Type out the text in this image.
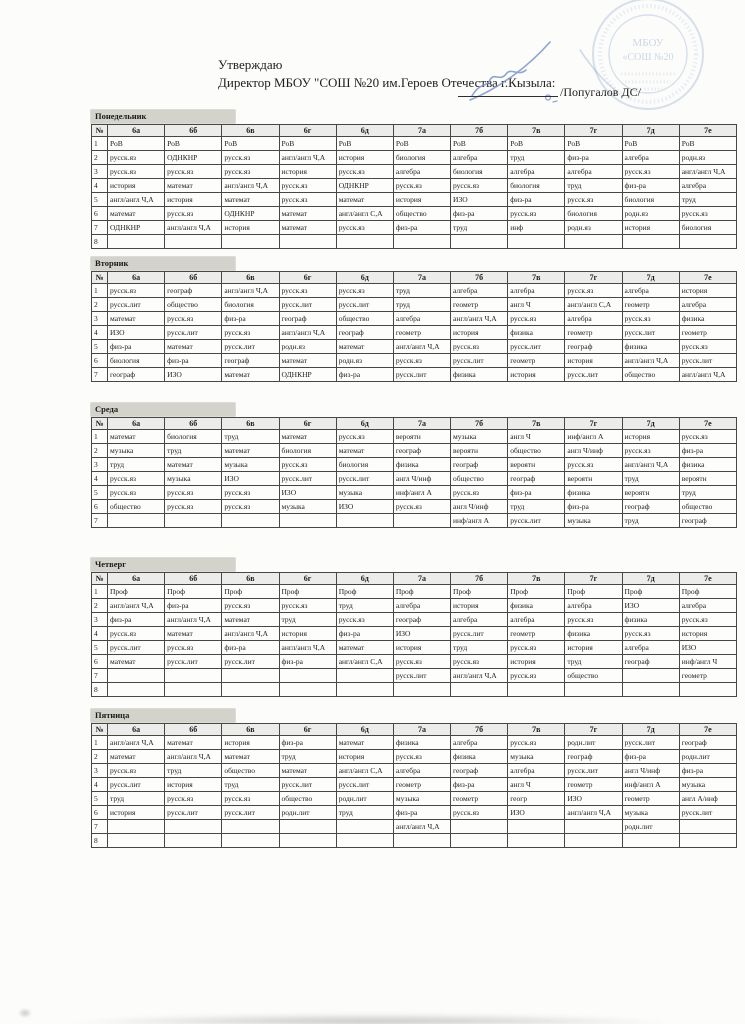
МБОУ
«СОШ №20
Утверждаю
Директор МБОУ "СОШ №20 им.Героев Отечества г.Кызыла:
/Попугалов ДС/
Понедельник
№	6а	6б	6в	6г	6д	7а	7б	7в	7г	7д	7е
1	РоВ	РоВ	РоВ	РоВ	РоВ	РоВ	РоВ	РоВ	РоВ	РоВ	РоВ
2	русск.яз	ОДНКНР	русск.яз	англ/англ Ч,А	история	биология	алгебра	труд	физ-ра	алгебра	родн.яз
3	русск.яз	русск.яз	русск.яз	история	русск.яз	алгебра	биология	алгебра	алгебра	русск.яз	англ/англ Ч,А
4	история	математ	англ/англ Ч,А	русск.яз	ОДНКНР	русск.яз	русск.яз	биология	труд	физ-ра	алгебра
5	англ/англ Ч,А	история	математ	русск.яз	математ	история	ИЗО	физ-ра	русск.яз	биология	труд
6	математ	русск.яз	ОДНКНР	математ	англ/англ С,А	общество	физ-ра	русск.яз	биология	родн.яз	русск.яз
7	ОДНКНР	англ/англ Ч,А	история	математ	русск.яз	физ-ра	труд	инф	родн.яз	история	биология
8											
Вторник
№	6а	6б	6в	6г	6д	7а	7б	7в	7г	7д	7е
1	русск.яз	географ	англ/англ Ч,А	русск.яз	русск.яз	труд	алгебра	алгебра	русск.яз	алгебра	история
2	русск.лит	общество	биология	русск.лит	русск.лит	труд	геометр	англ Ч	англ/англ С,А	геометр	алгебра
3	математ	русск.яз	физ-ра	географ	общество	алгебра	англ/англ Ч,А	русск.яз	алгебра	русск.яз	физика
4	ИЗО	русск.лит	русск.яз	англ/англ Ч,А	географ	геометр	история	физика	геометр	русск.лит	геометр
5	физ-ра	математ	русск.лит	родн.яз	математ	англ/англ Ч,А	русск.яз	русск.лит	географ	физика	русск.яз
6	биология	физ-ра	географ	математ	родн.яз	русск.яз	русск.лит	геометр	история	англ/англ Ч,А	русск.лит
7	географ	ИЗО	математ	ОДНКНР	физ-ра	русск.лит	физика	история	русск.лит	общество	англ/англ Ч,А
Среда
№	6а	6б	6в	6г	6д	7а	7б	7в	7г	7д	7е
1	математ	биология	труд	математ	русск.яз	вероятн	музыка	англ Ч	инф/англ А	история	русск.яз
2	музыка	труд	математ	биология	математ	географ	вероятн	общество	англ Ч/инф	русск.яз	физ-ра
3	труд	математ	музыка	русск.яз	биология	физика	географ	вероятн	русск.яз	англ/англ Ч,А	физика
4	русск.яз	музыка	ИЗО	русск.лит	русск.лит	англ Ч/инф	общество	географ	вероятн	труд	вероятн
5	русск.яз	русск.яз	русск.яз	ИЗО	музыка	инф/англ А	русск.яз	физ-ра	физика	вероятн	труд
6	общество	русск.яз	русск.яз	музыка	ИЗО	русск.яз	англ Ч/инф	труд	физ-ра	географ	общество
7							инф/англ А	русск.лит	музыка	труд	географ
Четверг
№	6а	6б	6в	6г	6д	7а	7б	7в	7г	7д	7е
1	Проф	Проф	Проф	Проф	Проф	Проф	Проф	Проф	Проф	Проф	Проф
2	англ/англ Ч,А	физ-ра	русск.яз	русск.яз	труд	алгебра	история	физика	алгебра	ИЗО	алгебра
3	физ-ра	англ/англ Ч,А	математ	труд	русск.яз	географ	алгебра	алгебра	русск.яз	физика	русск.яз
4	русск.яз	математ	англ/англ Ч,А	история	физ-ра	ИЗО	русск.лит	геометр	физика	русск.яз	история
5	русск.лит	русск.яз	физ-ра	англ/англ Ч,А	математ	история	труд	русск.яз	история	алгебра	ИЗО
6	математ	русск.лит	русск.лит	физ-ра	англ/англ С,А	русск.яз	русск.яз	история	труд	географ	инф/англ Ч
7						русск.лит	англ/англ Ч,А	русск.яз	общество		геометр
8											
Пятница
№	6а	6б	6в	6г	6д	7а	7б	7в	7г	7д	7е
1	англ/англ Ч,А	математ	история	физ-ра	математ	физика	алгебра	русск.яз	родн.лит	русск.лит	географ
2	математ	англ/англ Ч,А	математ	труд	история	русск.яз	физика	музыка	географ	физ-ра	родн.лит
3	русск.яз	труд	общество	математ	англ/англ С,А	алгебра	географ	алгебра	русск.лит	англ Ч/инф	физ-ра
4	русск.лит	история	труд	русск.лит	русск.лит	геометр	физ-ра	англ Ч	геометр	инф/англ А	музыка
5	труд	русск.яз	русск.яз	общество	родн.лит	музыка	геометр	геогр	ИЗО	геометр	англ А/инф
6	история	русск.лит	русск.лит	родн.лит	труд	физ-ра	русск.яз	ИЗО	англ/англ Ч,А	музыка	русск.лит
7						англ/англ Ч,А				родн.лит	
8											
